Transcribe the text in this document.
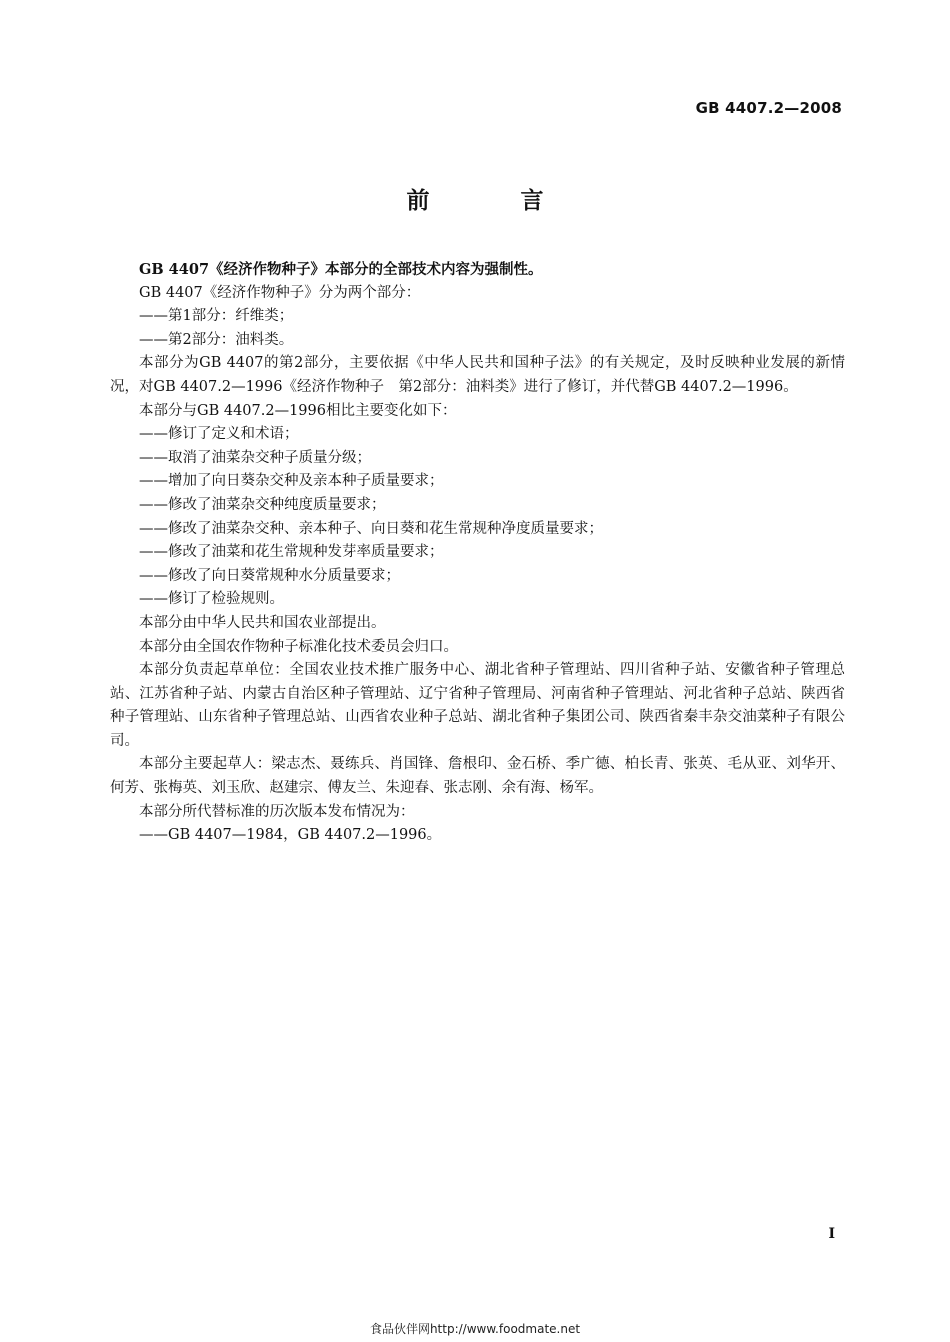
GB 4407.2—2008
前　言

GB 4407《经济作物种子》本部分的全部技术内容为强制性。

GB 4407《经济作物种子》分为两个部分：

——第1部分：纤维类；

——第2部分：油料类。

本部分为GB 4407的第2部分，主要依据《中华人民共和国种子法》的有关规定，及时反映种业发展的新情况，对GB 4407.2—1996《经济作物种子　第2部分：油料类》进行了修订，并代替GB 4407.2—1996。

本部分与GB 4407.2—1996相比主要变化如下：

——修订了定义和术语；

——取消了油菜杂交种子质量分级；

——增加了向日葵杂交种及亲本种子质量要求；

——修改了油菜杂交种纯度质量要求；

——修改了油菜杂交种、亲本种子、向日葵和花生常规种净度质量要求；

——修改了油菜和花生常规种发芽率质量要求；

——修改了向日葵常规种水分质量要求；

——修订了检验规则。

本部分由中华人民共和国农业部提出。

本部分由全国农作物种子标准化技术委员会归口。

本部分负责起草单位：全国农业技术推广服务中心、湖北省种子管理站、四川省种子站、安徽省种子管理总站、江苏省种子站、内蒙古自治区种子管理站、辽宁省种子管理局、河南省种子管理站、河北省种子总站、陕西省种子管理站、山东省种子管理总站、山西省农业种子总站、湖北省种子集团公司、陕西省秦丰杂交油菜种子有限公司。

本部分主要起草人：梁志杰、聂练兵、肖国锋、詹根印、金石桥、季广德、柏长青、张英、毛从亚、刘华开、何芳、张梅英、刘玉欣、赵建宗、傅友兰、朱迎春、张志刚、余有海、杨军。

本部分所代替标准的历次版本发布情况为：

——GB 4407—1984，GB 4407.2—1996。

I
食品伙伴网http://www.foodmate.net
